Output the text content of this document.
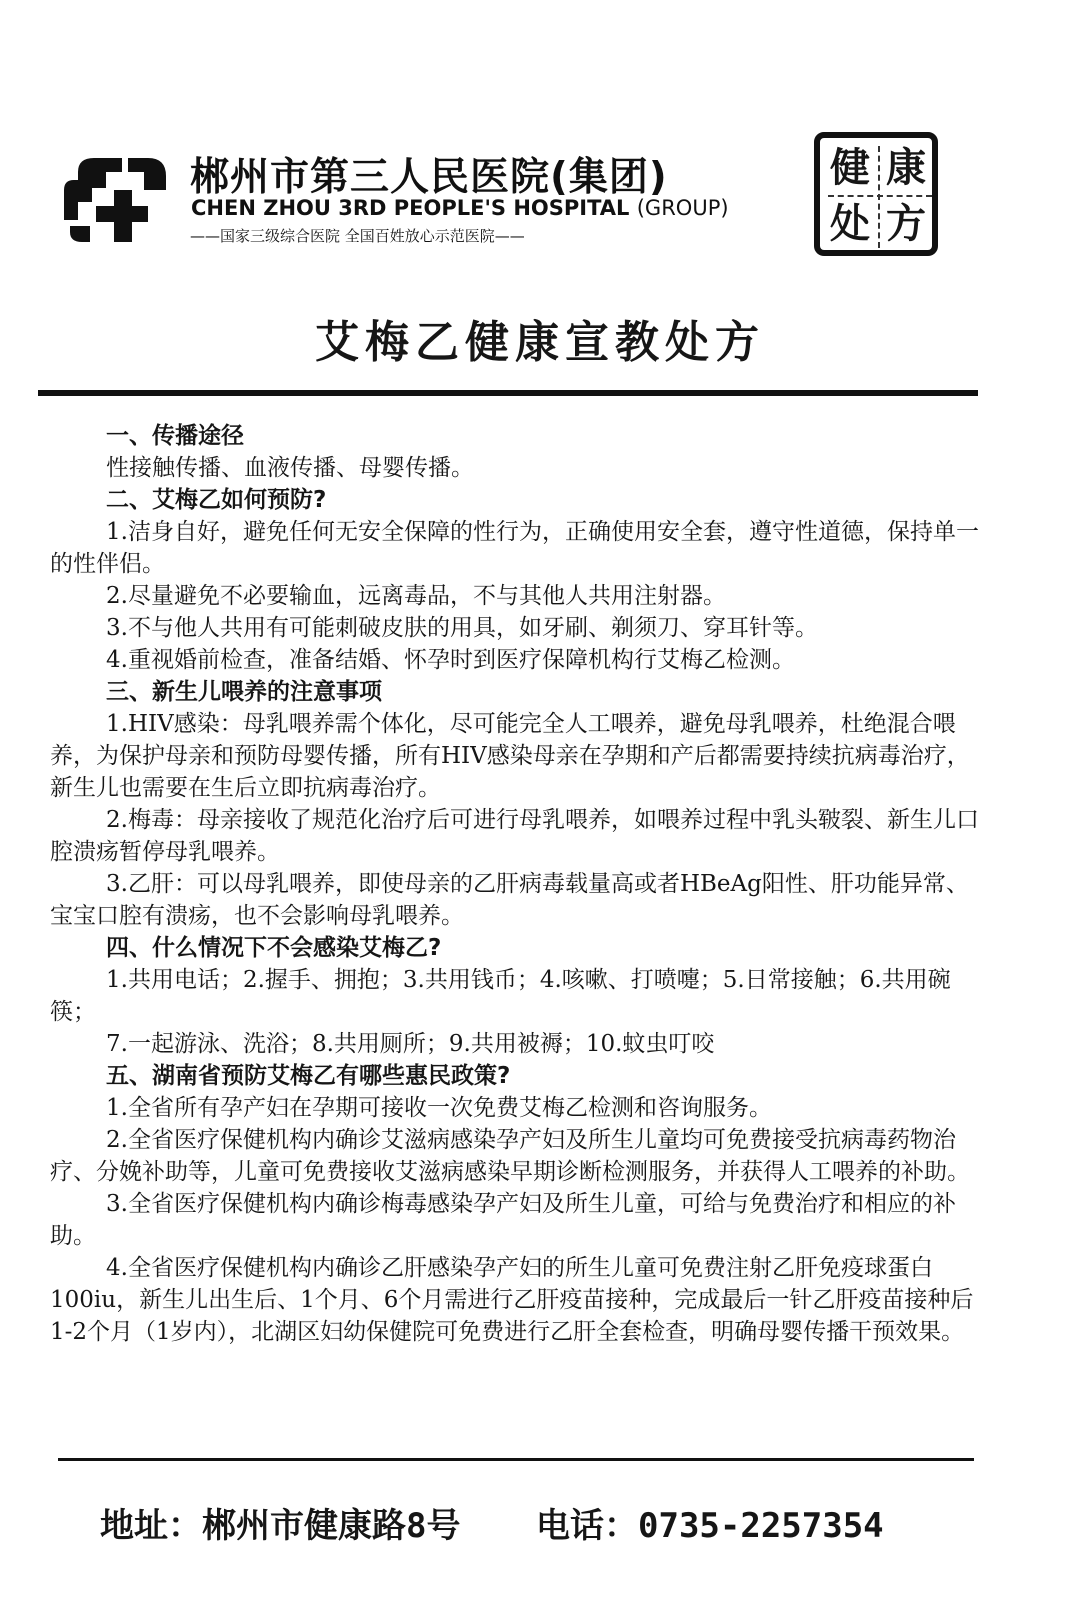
郴州市第三人民医院(集团)
CHEN ZHOU 3RD PEOPLE'S HOSPITAL (GROUP)
——国家三级综合医院 全国百姓放心示范医院——
健 康
处 方
艾梅乙健康宣教处方
一、传播途径

性接触传播、血液传播、母婴传播。

二、艾梅乙如何预防?

1.洁身自好，避免任何无安全保障的性行为，正确使用安全套，遵守性道德，保持单一的性伴侣。

2.尽量避免不必要输血，远离毒品，不与其他人共用注射器。

3.不与他人共用有可能刺破皮肤的用具，如牙刷、剃须刀、穿耳针等。

4.重视婚前检查，准备结婚、怀孕时到医疗保障机构行艾梅乙检测。

三、新生儿喂养的注意事项

1.HIV感染：母乳喂养需个体化，尽可能完全人工喂养，避免母乳喂养，杜绝混合喂养，为保护母亲和预防母婴传播，所有HIV感染母亲在孕期和产后都需要持续抗病毒治疗，新生儿也需要在生后立即抗病毒治疗。

2.梅毒：母亲接收了规范化治疗后可进行母乳喂养，如喂养过程中乳头皲裂、新生儿口腔溃疡暂停母乳喂养。

3.乙肝：可以母乳喂养，即使母亲的乙肝病毒载量高或者HBeAg阳性、肝功能异常、宝宝口腔有溃疡，也不会影响母乳喂养。

四、什么情况下不会感染艾梅乙?

1.共用电话；2.握手、拥抱；3.共用钱币；4.咳嗽、打喷嚏；5.日常接触；6.共用碗筷；

7.一起游泳、洗浴；8.共用厕所；9.共用被褥；10.蚊虫叮咬

五、湖南省预防艾梅乙有哪些惠民政策?

1.全省所有孕产妇在孕期可接收一次免费艾梅乙检测和咨询服务。

2.全省医疗保健机构内确诊艾滋病感染孕产妇及所生儿童均可免费接受抗病毒药物治疗、分娩补助等，儿童可免费接收艾滋病感染早期诊断检测服务，并获得人工喂养的补助。

3.全省医疗保健机构内确诊梅毒感染孕产妇及所生儿童，可给与免费治疗和相应的补助。

4.全省医疗保健机构内确诊乙肝感染孕产妇的所生儿童可免费注射乙肝免疫球蛋白100iu，新生儿出生后、1个月、6个月需进行乙肝疫苗接种，完成最后一针乙肝疫苗接种后1-2个月（1岁内），北湖区妇幼保健院可免费进行乙肝全套检查，明确母婴传播干预效果。

地址：郴州市健康路8号 电话：0735-2257354
